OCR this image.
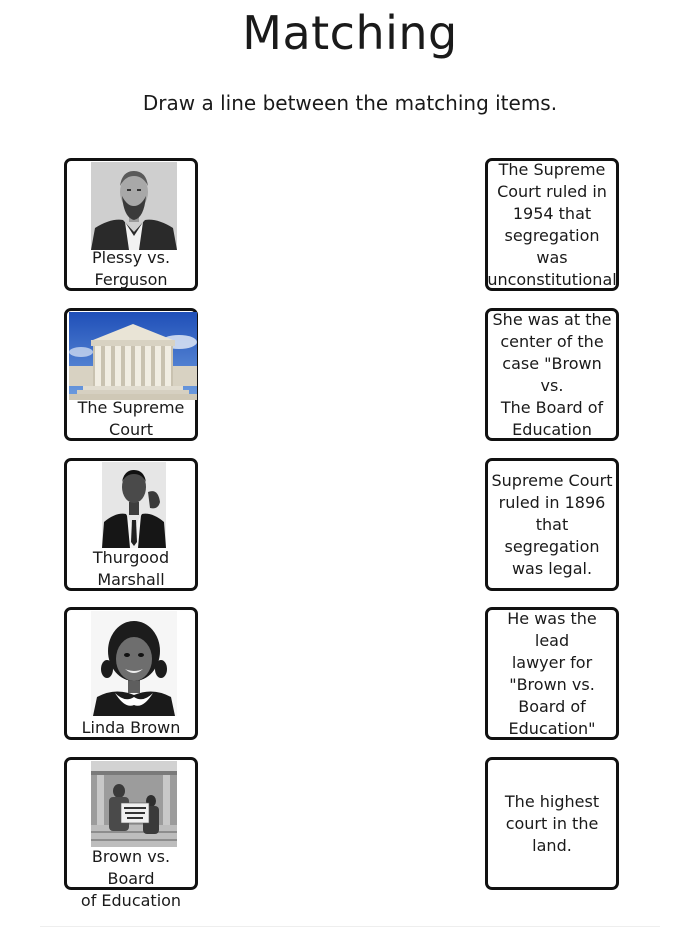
Matching
Draw a line between the matching items.
Plessy vs.
Ferguson
The Supreme
Court
Thurgood
Marshall
Linda Brown
Brown vs. Board
of Education
The Supreme
Court ruled in
1954 that
segregation was
unconstitutional
She was at the
center of the
case "Brown vs.
The Board of
Education
Supreme Court
ruled in 1896
that segregation
was legal.
He was the lead
lawyer for
"Brown vs.
Board of
Education"
The highest
court in the land.
